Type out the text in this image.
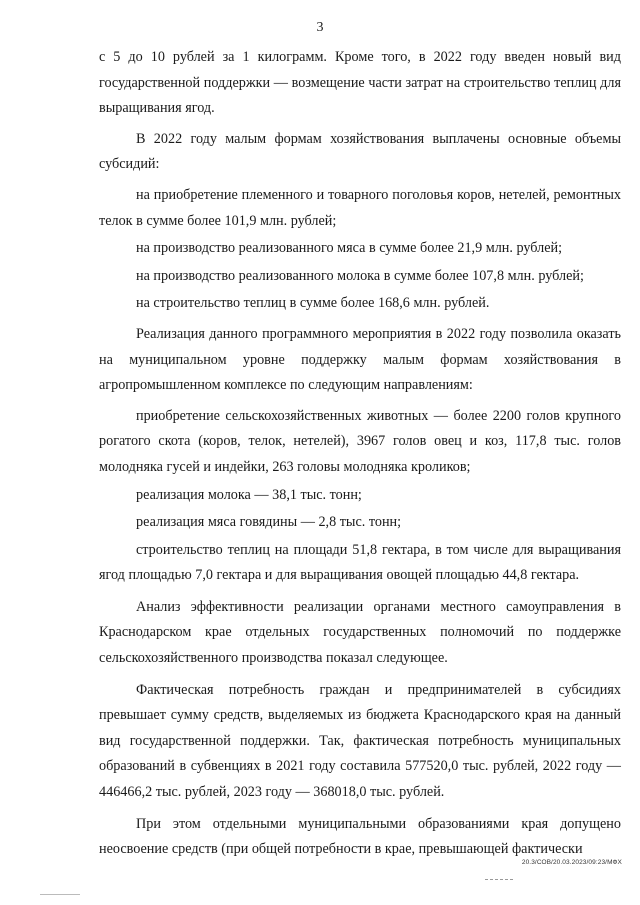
3

с 5 до 10 рублей за 1 килограмм. Кроме того, в 2022 году введен новый вид государственной поддержки — возмещение части затрат на строительство теплиц для выращивания ягод.

В 2022 году малым формам хозяйствования выплачены основные объемы субсидий:

на приобретение племенного и товарного поголовья коров, нетелей, ремонтных телок в сумме более 101,9 млн. рублей;

на производство реализованного мяса в сумме более 21,9 млн. рублей;

на производство реализованного молока в сумме более 107,8 млн. рублей;

на строительство теплиц в сумме более 168,6 млн. рублей.

Реализация данного программного мероприятия в 2022 году позволила оказать на муниципальном уровне поддержку малым формам хозяйствования в агропромышленном комплексе по следующим направлениям:

приобретение сельскохозяйственных животных — более 2200 голов крупного рогатого скота (коров, телок, нетелей), 3967 голов овец и коз, 117,8 тыс. голов молодняка гусей и индейки, 263 головы молодняка кроликов;

реализация молока — 38,1 тыс. тонн;

реализация мяса говядины — 2,8 тыс. тонн;

строительство теплиц на площади 51,8 гектара, в том числе для выращивания ягод площадью 7,0 гектара и для выращивания овощей площадью 44,8 гектара.

Анализ эффективности реализации органами местного самоуправления в Краснодарском крае отдельных государственных полномочий по поддержке сельскохозяйственного производства показал следующее.

Фактическая потребность граждан и предпринимателей в субсидиях превышает сумму средств, выделяемых из бюджета Краснодарского края на данный вид государственной поддержки. Так, фактическая потребность муниципальных образований в субвенциях в 2021 году составила 577520,0 тыс. рублей, 2022 году — 446466,2 тыс. рублей, 2023 году — 368018,0 тыс. рублей.

При этом отдельными муниципальными образованиями края допущено неосвоение средств (при общей потребности в крае, превышающей фактически

20.3/СОВ/20.03.2023/09:23/МФХ
